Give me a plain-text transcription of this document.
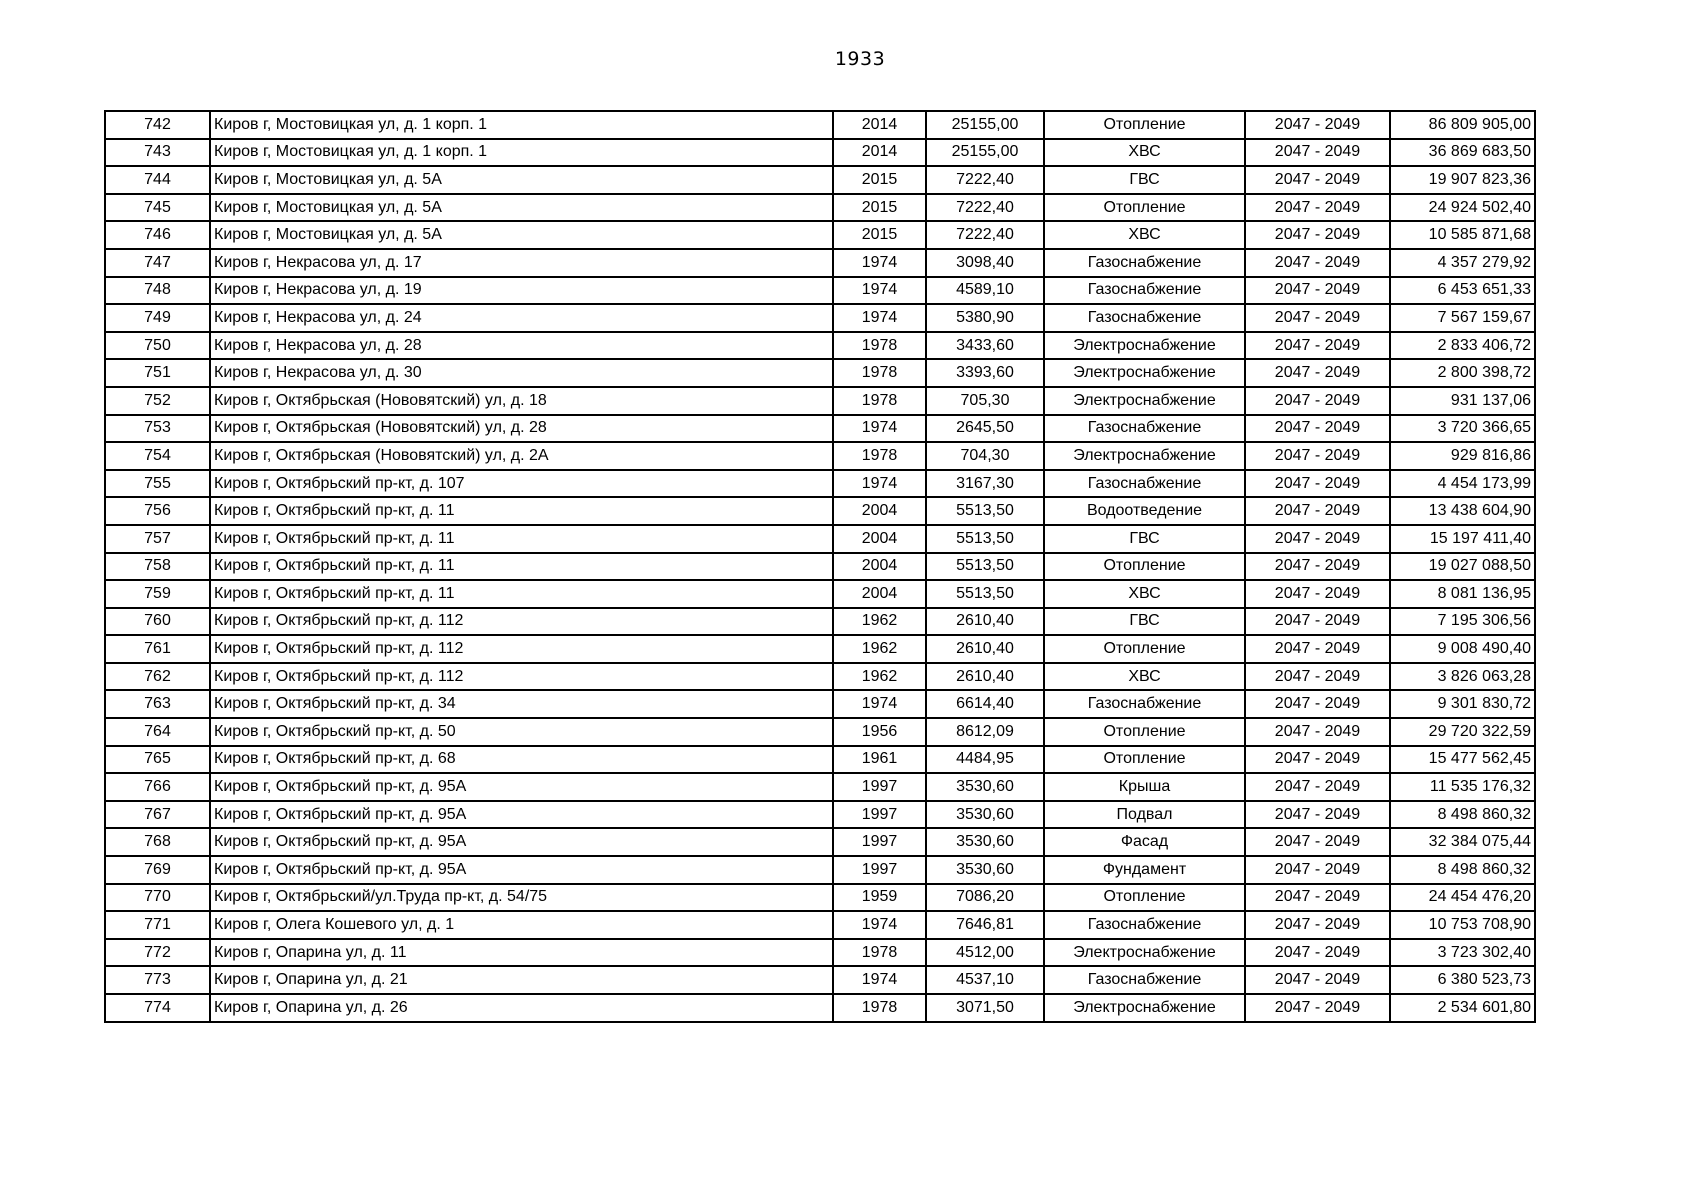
1933
742	Киров г, Мостовицкая ул, д. 1 корп. 1	2014	25155,00	Отопление	2047 - 2049	86 809 905,00
743	Киров г, Мостовицкая ул, д. 1 корп. 1	2014	25155,00	ХВС	2047 - 2049	36 869 683,50
744	Киров г, Мостовицкая ул, д. 5А	2015	7222,40	ГВС	2047 - 2049	19 907 823,36
745	Киров г, Мостовицкая ул, д. 5А	2015	7222,40	Отопление	2047 - 2049	24 924 502,40
746	Киров г, Мостовицкая ул, д. 5А	2015	7222,40	ХВС	2047 - 2049	10 585 871,68
747	Киров г, Некрасова ул, д. 17	1974	3098,40	Газоснабжение	2047 - 2049	4 357 279,92
748	Киров г, Некрасова ул, д. 19	1974	4589,10	Газоснабжение	2047 - 2049	6 453 651,33
749	Киров г, Некрасова ул, д. 24	1974	5380,90	Газоснабжение	2047 - 2049	7 567 159,67
750	Киров г, Некрасова ул, д. 28	1978	3433,60	Электроснабжение	2047 - 2049	2 833 406,72
751	Киров г, Некрасова ул, д. 30	1978	3393,60	Электроснабжение	2047 - 2049	2 800 398,72
752	Киров г, Октябрьская (Нововятский) ул, д. 18	1978	705,30	Электроснабжение	2047 - 2049	931 137,06
753	Киров г, Октябрьская (Нововятский) ул, д. 28	1974	2645,50	Газоснабжение	2047 - 2049	3 720 366,65
754	Киров г, Октябрьская (Нововятский) ул, д. 2А	1978	704,30	Электроснабжение	2047 - 2049	929 816,86
755	Киров г, Октябрьский пр-кт, д. 107	1974	3167,30	Газоснабжение	2047 - 2049	4 454 173,99
756	Киров г, Октябрьский пр-кт, д. 11	2004	5513,50	Водоотведение	2047 - 2049	13 438 604,90
757	Киров г, Октябрьский пр-кт, д. 11	2004	5513,50	ГВС	2047 - 2049	15 197 411,40
758	Киров г, Октябрьский пр-кт, д. 11	2004	5513,50	Отопление	2047 - 2049	19 027 088,50
759	Киров г, Октябрьский пр-кт, д. 11	2004	5513,50	ХВС	2047 - 2049	8 081 136,95
760	Киров г, Октябрьский пр-кт, д. 112	1962	2610,40	ГВС	2047 - 2049	7 195 306,56
761	Киров г, Октябрьский пр-кт, д. 112	1962	2610,40	Отопление	2047 - 2049	9 008 490,40
762	Киров г, Октябрьский пр-кт, д. 112	1962	2610,40	ХВС	2047 - 2049	3 826 063,28
763	Киров г, Октябрьский пр-кт, д. 34	1974	6614,40	Газоснабжение	2047 - 2049	9 301 830,72
764	Киров г, Октябрьский пр-кт, д. 50	1956	8612,09	Отопление	2047 - 2049	29 720 322,59
765	Киров г, Октябрьский пр-кт, д. 68	1961	4484,95	Отопление	2047 - 2049	15 477 562,45
766	Киров г, Октябрьский пр-кт, д. 95А	1997	3530,60	Крыша	2047 - 2049	11 535 176,32
767	Киров г, Октябрьский пр-кт, д. 95А	1997	3530,60	Подвал	2047 - 2049	8 498 860,32
768	Киров г, Октябрьский пр-кт, д. 95А	1997	3530,60	Фасад	2047 - 2049	32 384 075,44
769	Киров г, Октябрьский пр-кт, д. 95А	1997	3530,60	Фундамент	2047 - 2049	8 498 860,32
770	Киров г, Октябрьский/ул.Труда пр-кт, д. 54/75	1959	7086,20	Отопление	2047 - 2049	24 454 476,20
771	Киров г, Олега Кошевого ул, д. 1	1974	7646,81	Газоснабжение	2047 - 2049	10 753 708,90
772	Киров г, Опарина ул, д. 11	1978	4512,00	Электроснабжение	2047 - 2049	3 723 302,40
773	Киров г, Опарина ул, д. 21	1974	4537,10	Газоснабжение	2047 - 2049	6 380 523,73
774	Киров г, Опарина ул, д. 26	1978	3071,50	Электроснабжение	2047 - 2049	2 534 601,80
